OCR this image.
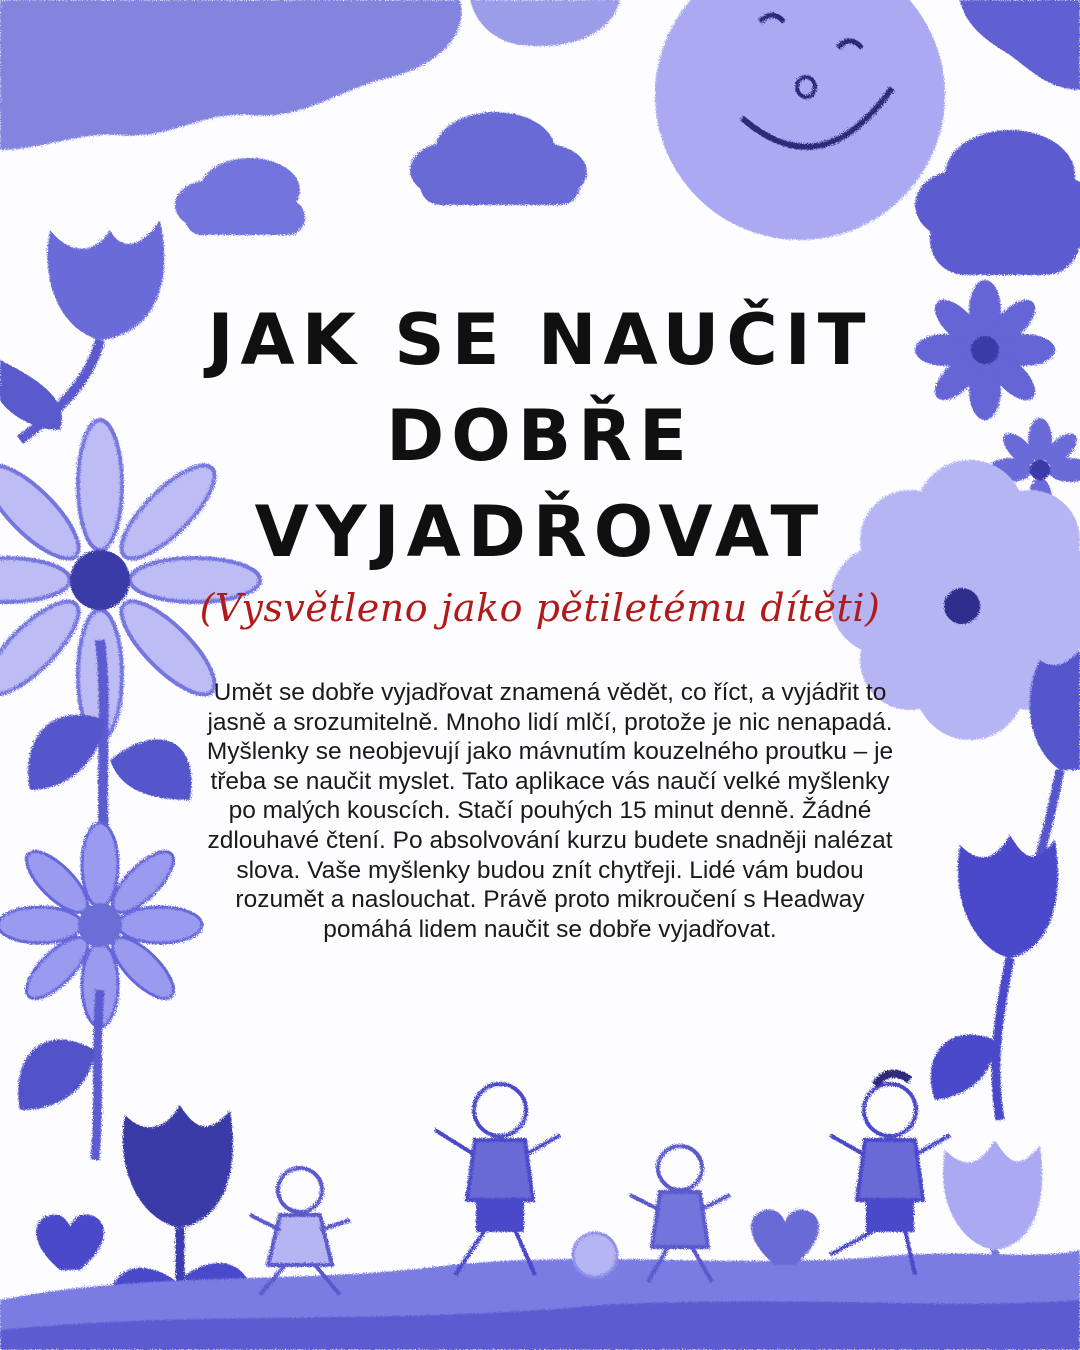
JAK SE NAUČIT
DOBŘE
VYJADŘOVAT
(Vysvětleno jako pětiletému dítěti)
Umět se dobře vyjadřovat znamená vědět, co říct, a vyjádřit to jasně a srozumitelně. Mnoho lidí mlčí, protože je nic nenapadá. Myšlenky se neobjevují jako mávnutím kouzelného proutku – je třeba se naučit myslet. Tato aplikace vás naučí velké myšlenky po malých kouscích. Stačí pouhých 15 minut denně. Žádné zdlouhavé čtení. Po absolvování kurzu budete snadněji nalézat slova. Vaše myšlenky budou znít chytřeji. Lidé vám budou rozumět a naslouchat. Právě proto mikroučení s Headway pomáhá lidem naučit se dobře vyjadřovat.
